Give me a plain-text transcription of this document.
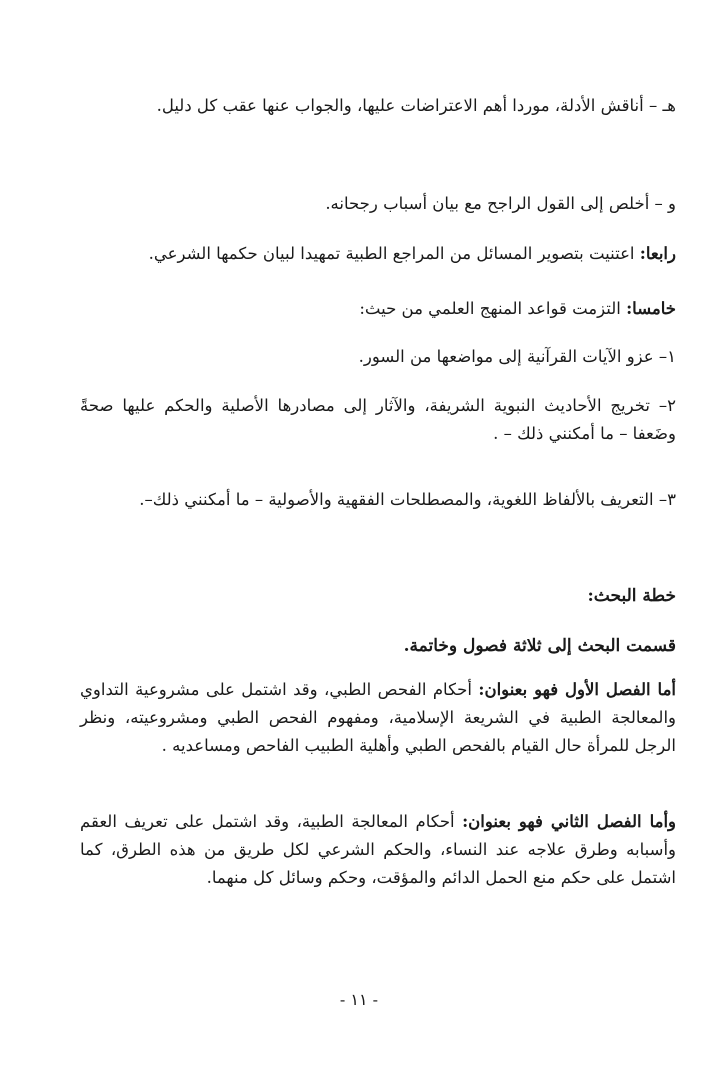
هـ – أناقش الأدلة، موردا أهم الاعتراضات عليها، والجواب عنها عقب كل دليل.
و – أخلص إلى القول الراجح مع بيان أسباب رجحانه.
رابعا: اعتنيت بتصوير المسائل من المراجع الطبية تمهيدا لبيان حكمها الشرعي.
خامسا: التزمت قواعد المنهج العلمي من حيث:
١– عزو الآيات القرآنية إلى مواضعها من السور.
٢– تخريج الأحاديث النبوية الشريفة، والآثار إلى مصادرها الأصلية والحكم عليها صحةً وضَعفا – ما أمكنني ذلك – .
٣– التعريف بالألفاظ اللغوية، والمصطلحات الفقهية والأصولية – ما أمكنني ذلك–.
خطة البحث:
قسمت البحث إلى ثلاثة فصول وخاتمة.
أما الفصل الأول فهو بعنوان: أحكام الفحص الطبي، وقد اشتمل على مشروعية التداوي والمعالجة الطبية في الشريعة الإسلامية، ومفهوم الفحص الطبي ومشروعيته، ونظر الرجل للمرأة حال القيام بالفحص الطبي وأهلية الطبيب الفاحص ومساعديه .
وأما الفصل الثاني فهو بعنوان: أحكام المعالجة الطبية، وقد اشتمل على تعريف العقم وأسبابه وطرق علاجه عند النساء، والحكم الشرعي لكل طريق من هذه الطرق، كما اشتمل على حكم منع الحمل الدائم والمؤقت، وحكم وسائل كل منهما.
- ١١ -
